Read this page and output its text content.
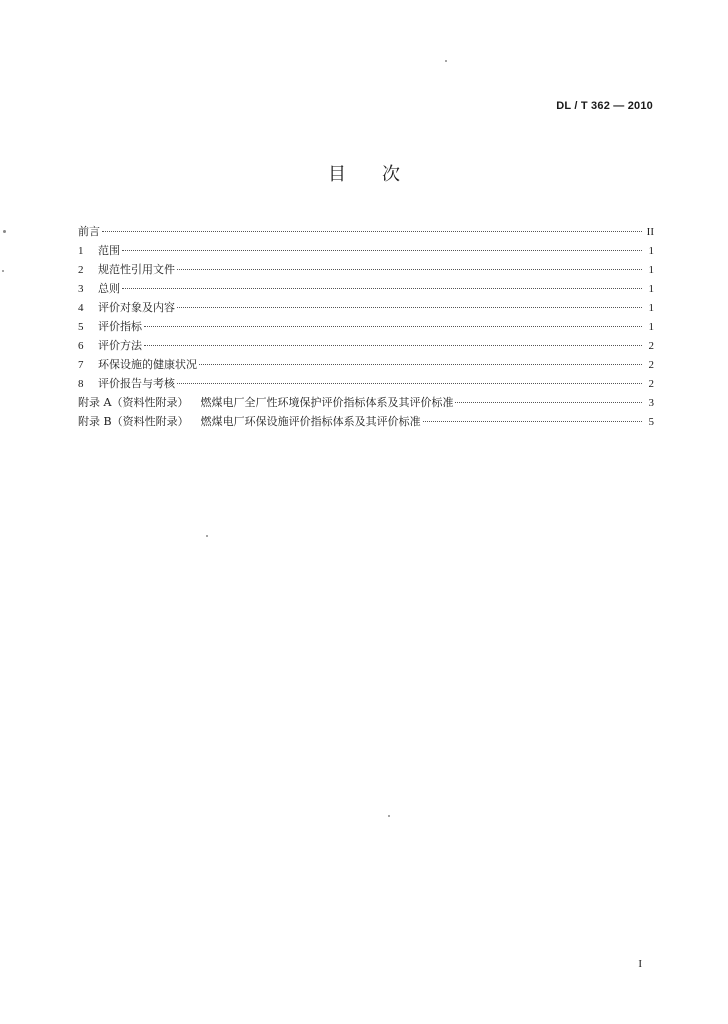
DL / T 362 — 2010
目次
前言	II
1	范围	1
2	规范性引用文件	1
3	总则	1
4	评价对象及内容	1
5	评价指标	1
6	评价方法	2
7	环保设施的健康状况	2
8	评价报告与考核	2
附录 A（资料性附录） 燃煤电厂全厂性环境保护评价指标体系及其评价标准	3
附录 B（资料性附录） 燃煤电厂环保设施评价指标体系及其评价标准	5
I
